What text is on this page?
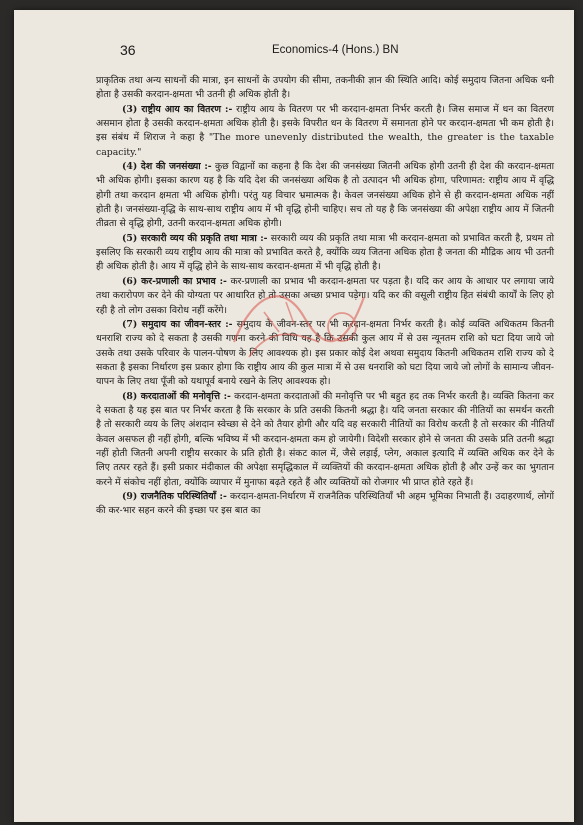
36	Economics-4 (Hons.) BN

प्राकृतिक तथा अन्य साधनों की मात्रा, इन साधनों के उपयोग की सीमा, तकनीकी ज्ञान की स्थिति आदि। कोई समुदाय जितना अधिक धनी होता है उसकी करदान-क्षमता भी उतनी ही अधिक होती है।

(3) राष्ट्रीय आय का वितरण :- राष्ट्रीय आय के वितरण पर भी करदान-क्षमता निर्भर करती है। जिस समाज में धन का वितरण असमान होता है उसकी करदान-क्षमता अधिक होती है। इसके विपरीत धन के वितरण में समानता होने पर करदान-क्षमता भी कम होती है। इस संबंध में शिराज ने कहा है "The more unevenly distributed the wealth, the greater is the taxable capacity."

(4) देश की जनसंख्या :- कुछ विद्वानों का कहना है कि देश की जनसंख्या जितनी अधिक होगी उतनी ही देश की करदान-क्षमता भी अधिक होगी। इसका कारण यह है कि यदि देश की जनसंख्या अधिक है तो उत्पादन भी अधिक होगा, परिणामत: राष्ट्रीय आय में वृद्धि होगी तथा करदान क्षमता भी अधिक होगी। परंतु यह विचार भ्रमात्मक है। केवल जनसंख्या अधिक होने से ही करदान-क्षमता अधिक नहीं होती है। जनसंख्या-वृद्धि के साथ-साथ राष्ट्रीय आय में भी वृद्धि होनी चाहिए। सच तो यह है कि जनसंख्या की अपेक्षा राष्ट्रीय आय में जितनी तीव्रता से वृद्धि होगी, उतनी करदान-क्षमता अधिक होगी।

(5) सरकारी व्यय की प्रकृति तथा मात्रा :- सरकारी व्यय की प्रकृति तथा मात्रा भी करदान-क्षमता को प्रभावित करती है, प्रथम तो इसलिए कि सरकारी व्यय राष्ट्रीय आय की मात्रा को प्रभावित करते है, क्योंकि व्यय जितना अधिक होता है जनता की मौद्रिक आय भी उतनी ही अधिक होती है। आय में वृद्धि होने के साथ-साथ करदान-क्षमता में भी वृद्धि होती है।

(6) कर-प्रणाली का प्रभाव :- कर-प्रणाली का प्रभाव भी करदान-क्षमता पर पड़ता है। यदि कर आय के आधार पर लगाया जाये तथा करारोपण कर देने की योग्यता पर आधारित हो तो उसका अच्छा प्रभाव पड़ेगा। यदि कर की वसूली राष्ट्रीय हित संबंधी कार्यों के लिए हो रही है तो लोग उसका विरोध नहीं करेंगे।

(7) समुदाय का जीवन-स्तर :- समुदाय के जीवन-स्तर पर भी करदान-क्षमता निर्भर करती है। कोई व्यक्ति अधिकतम कितनी धनराशि राज्य को दे सकता है उसकी गणना करने की विधि यह है कि उसकी कुल आय में से उस न्यूनतम राशि को घटा दिया जाये जो उसके तथा उसके परिवार के पालन-पोषण के लिए आवश्यक हो। इस प्रकार कोई देश अथवा समुदाय कितनी अधिकतम राशि राज्य को दे सकता है इसका निर्धारण इस प्रकार होगा कि राष्ट्रीय आय की कुल मात्रा में से उस धनराशि को घटा दिया जाये जो लोगों के सामान्य जीवन-यापन के लिए तथा पूँजी को यथापूर्व बनाये रखने के लिए आवश्यक हो।

(8) करदाताओं की मनोवृत्ति :- करदान-क्षमता करदाताओं की मनोवृत्ति पर भी बहुत हद तक निर्भर करती है। व्यक्ति कितना कर दे सकता है यह इस बात पर निर्भर करता है कि सरकार के प्रति उसकी कितनी श्रद्धा है। यदि जनता सरकार की नीतियों का समर्थन करती है तो सरकारी व्यय के लिए अंशदान स्वेच्छा से देने को तैयार होगी और यदि वह सरकारी नीतियों का विरोध करती है तो सरकार की नीतियाँ केवल असफल ही नहीं होगी, बल्कि भविष्य में भी करदान-क्षमता कम हो जायेगी। विदेशी सरकार होने से जनता की उसके प्रति उतनी श्रद्धा नहीं होती जितनी अपनी राष्ट्रीय सरकार के प्रति होती है। संकट काल में, जैसे लड़ाई, प्लेग, अकाल इत्यादि में व्यक्ति अधिक कर देने के लिए तत्पर रहते हैं। इसी प्रकार मंदीकाल की अपेक्षा समृद्धिकाल में व्यक्तियों की करदान-क्षमता अधिक होती है और उन्हें कर का भुगतान करने में संकोच नहीं होता, क्योंकि व्यापार में मुनाफा बढ़ते रहते हैं और व्यक्तियों को रोजगार भी प्राप्त होते रहते हैं।

(9) राजनैतिक परिस्थितियाँ :- करदान-क्षमता-निर्धारण में राजनैतिक परिस्थितियाँ भी अहम भूमिका निभाती हैं। उदाहरणार्थ, लोगों की कर-भार सहन करने की इच्छा पर इस बात का
